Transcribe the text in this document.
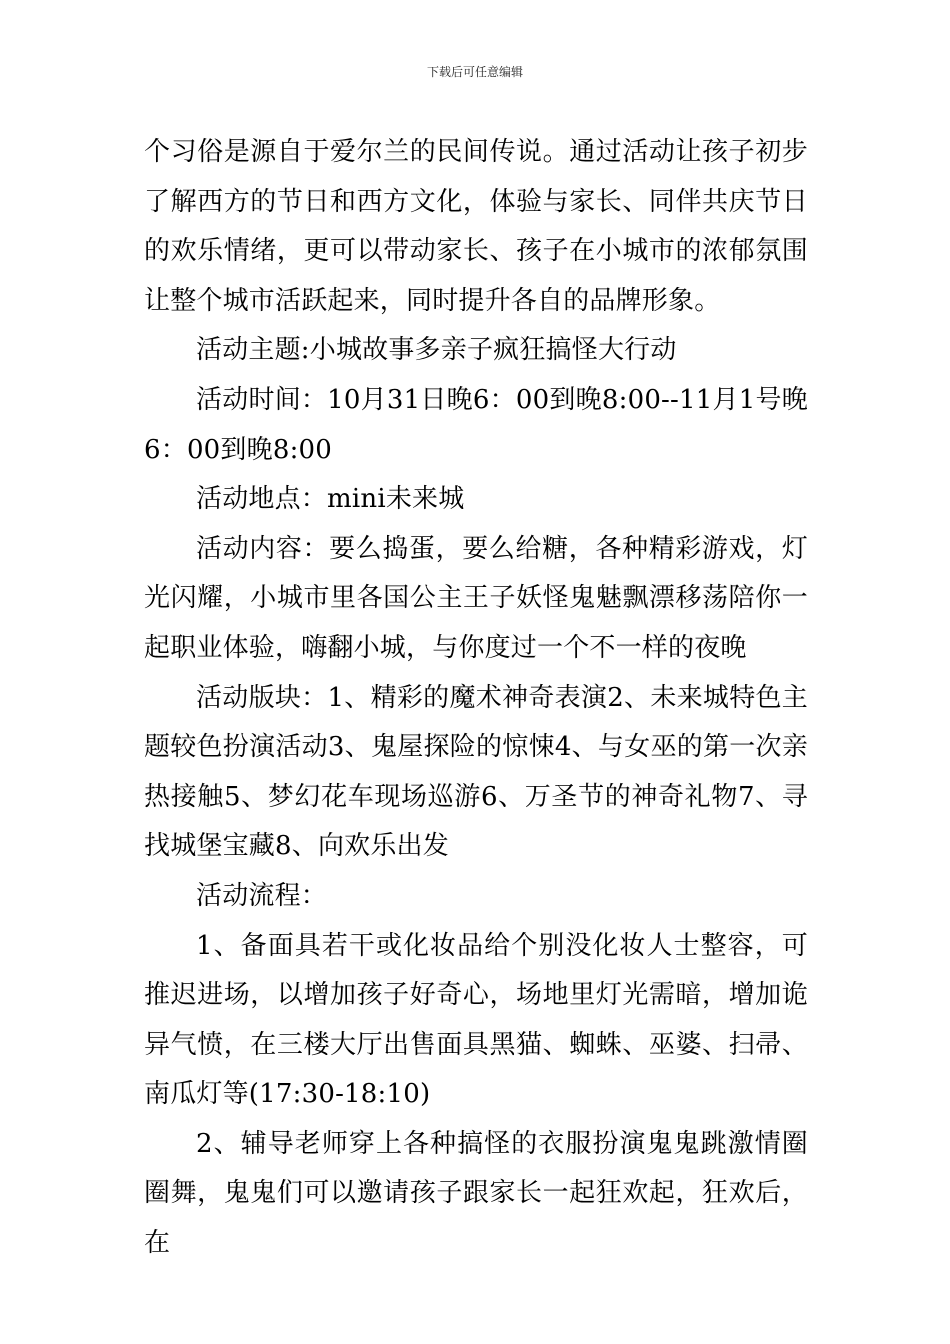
下载后可任意编辑

个习俗是源自于爱尔兰的民间传说。通过活动让孩子初步了解西方的节日和西方文化，体验与家长、同伴共庆节日的欢乐情绪，更可以带动家长、孩子在小城市的浓郁氛围让整个城市活跃起来，同时提升各自的品牌形象。

活动主题:小城故事多亲子疯狂搞怪大行动

活动时间：10月31日晚6：00到晚8:00--11月1号晚6：00到晚8:00

活动地点：mini未来城

活动内容：要么捣蛋，要么给糖，各种精彩游戏，灯光闪耀，小城市里各国公主王子妖怪鬼魅飘漂移荡陪你一起职业体验，嗨翻小城，与你度过一个不一样的夜晚

活动版块：1、精彩的魔术神奇表演2、未来城特色主题较色扮演活动3、鬼屋探险的惊悚4、与女巫的第一次亲热接触5、梦幻花车现场巡游6、万圣节的神奇礼物7、寻找城堡宝藏8、向欢乐出发

活动流程：

1、备面具若干或化妆品给个别没化妆人士整容，可推迟进场，以增加孩子好奇心，场地里灯光需暗，增加诡异气愤，在三楼大厅出售面具黑猫、蜘蛛、巫婆、扫帚、南瓜灯等(17:30-18:10)

2、辅导老师穿上各种搞怪的衣服扮演鬼鬼跳激情圈圈舞，鬼鬼们可以邀请孩子跟家长一起狂欢起，狂欢后，在
